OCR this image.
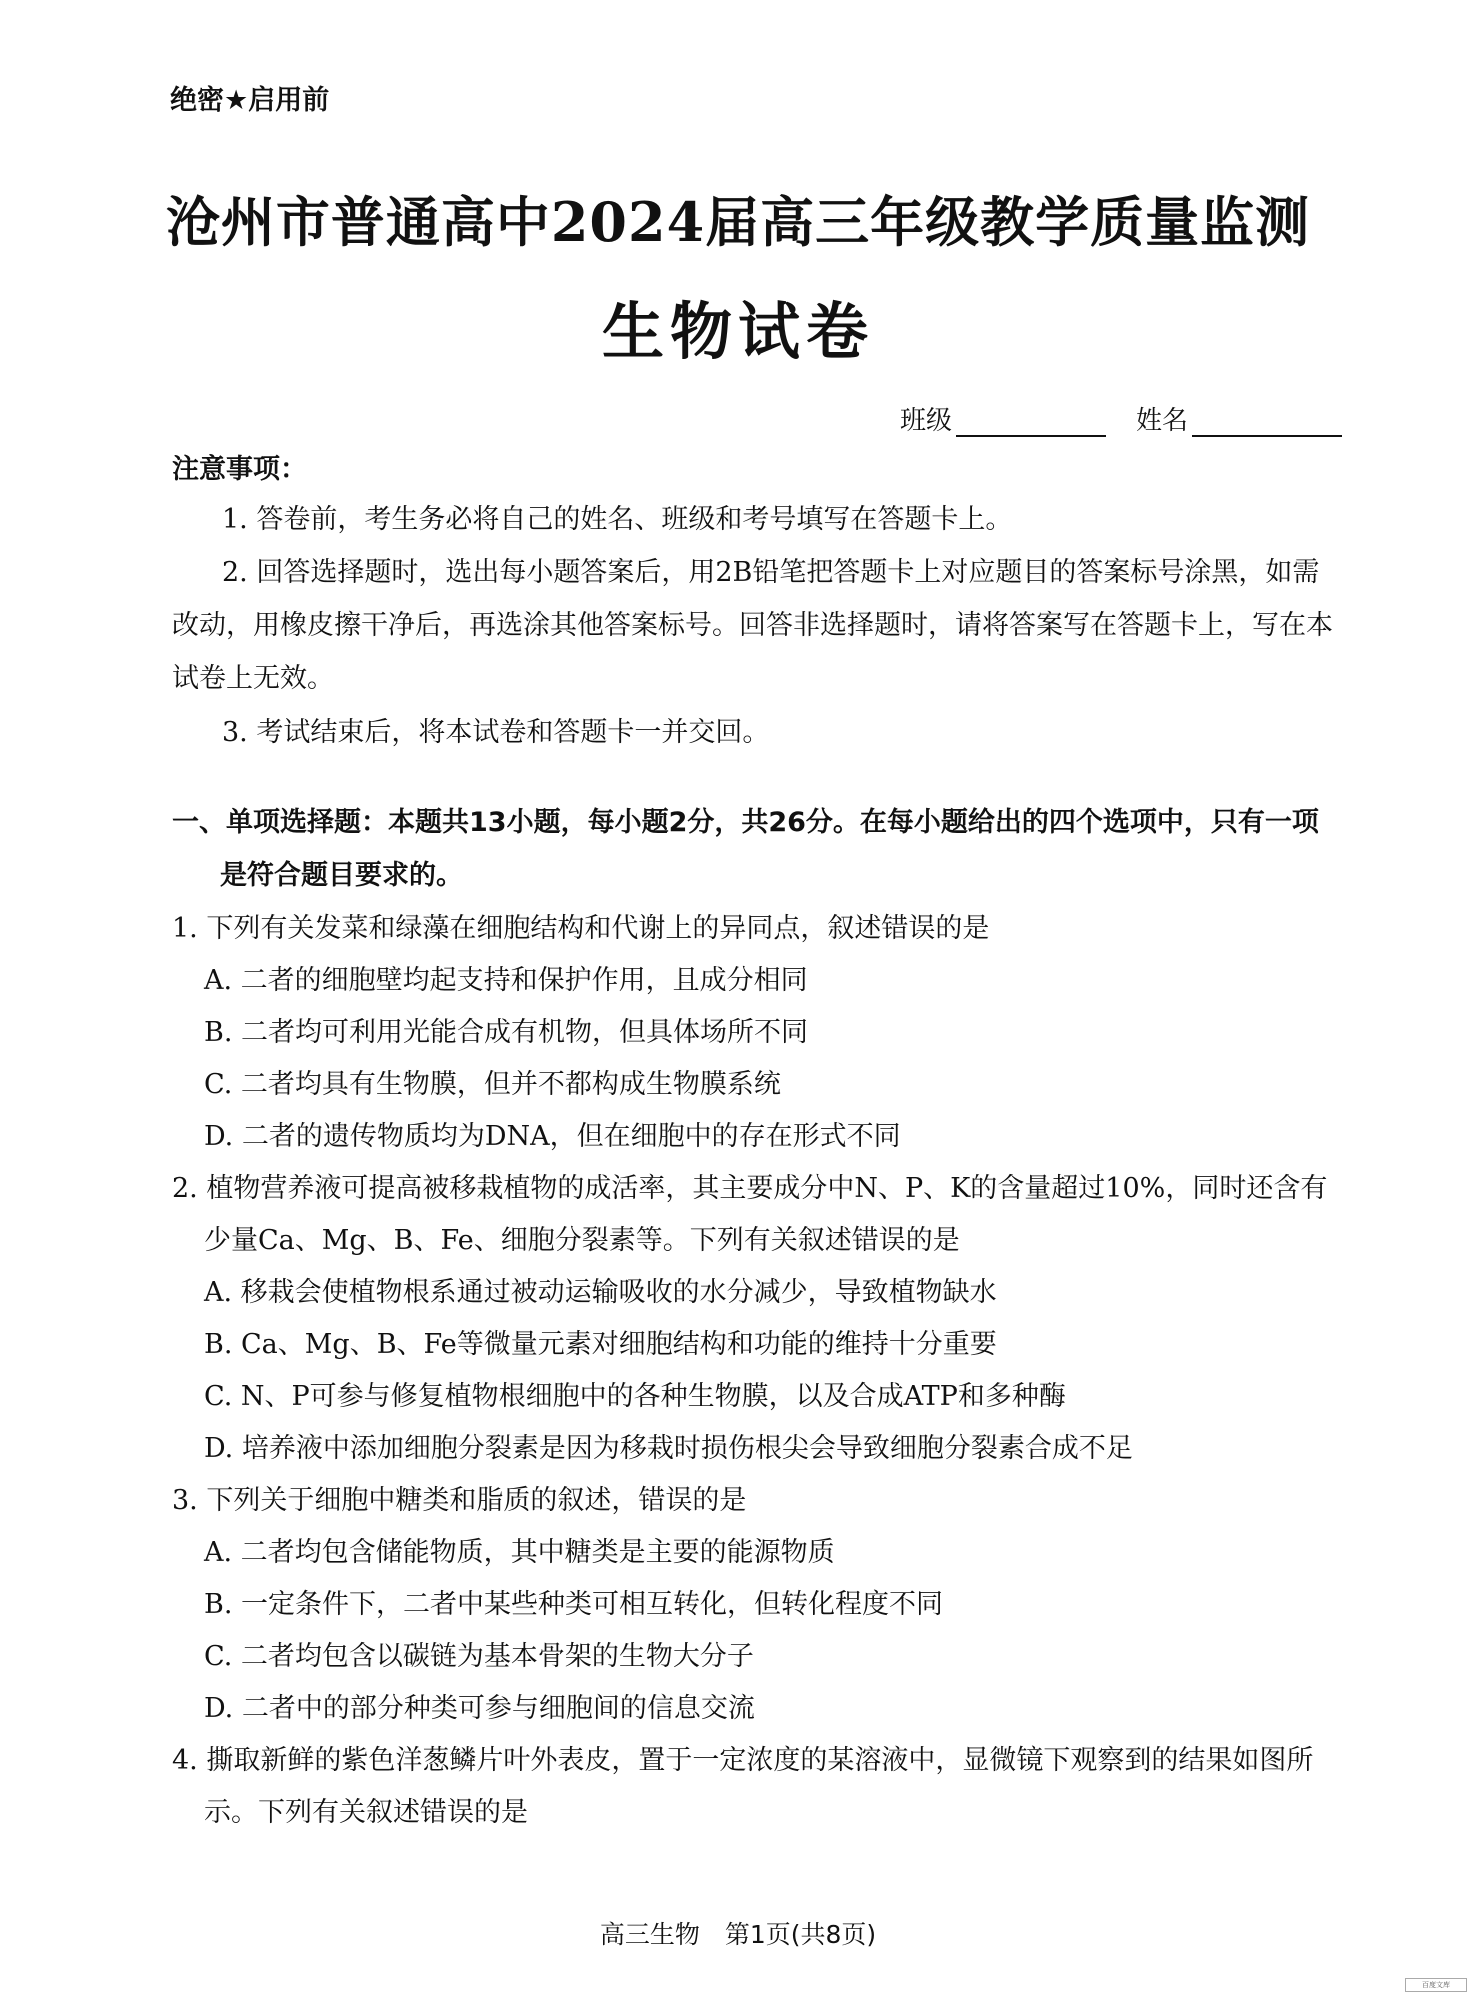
绝密★启用前
沧州市普通高中2024届高三年级教学质量监测
生物试卷
班级	姓名
注意事项：
1. 答卷前，考生务必将自己的姓名、班级和考号填写在答题卡上。
2. 回答选择题时，选出每小题答案后，用2B铅笔把答题卡上对应题目的答案标号涂黑，如需
改动，用橡皮擦干净后，再选涂其他答案标号。回答非选择题时，请将答案写在答题卡上，写在本
试卷上无效。
3. 考试结束后，将本试卷和答题卡一并交回。
一、单项选择题：本题共13小题，每小题2分，共26分。在每小题给出的四个选项中，只有一项
是符合题目要求的。
1. 下列有关发菜和绿藻在细胞结构和代谢上的异同点，叙述错误的是
A. 二者的细胞壁均起支持和保护作用，且成分相同
B. 二者均可利用光能合成有机物，但具体场所不同
C. 二者均具有生物膜，但并不都构成生物膜系统
D. 二者的遗传物质均为DNA，但在细胞中的存在形式不同
2. 植物营养液可提高被移栽植物的成活率，其主要成分中N、P、K的含量超过10%，同时还含有
少量Ca、Mg、B、Fe、细胞分裂素等。下列有关叙述错误的是
A. 移栽会使植物根系通过被动运输吸收的水分减少，导致植物缺水
B. Ca、Mg、B、Fe等微量元素对细胞结构和功能的维持十分重要
C. N、P可参与修复植物根细胞中的各种生物膜，以及合成ATP和多种酶
D. 培养液中添加细胞分裂素是因为移栽时损伤根尖会导致细胞分裂素合成不足
3. 下列关于细胞中糖类和脂质的叙述，错误的是
A. 二者均包含储能物质，其中糖类是主要的能源物质
B. 一定条件下，二者中某些种类可相互转化，但转化程度不同
C. 二者均包含以碳链为基本骨架的生物大分子
D. 二者中的部分种类可参与细胞间的信息交流
4. 撕取新鲜的紫色洋葱鳞片叶外表皮，置于一定浓度的某溶液中，显微镜下观察到的结果如图所
示。下列有关叙述错误的是
高三生物　第1页(共8页)
百度文库
